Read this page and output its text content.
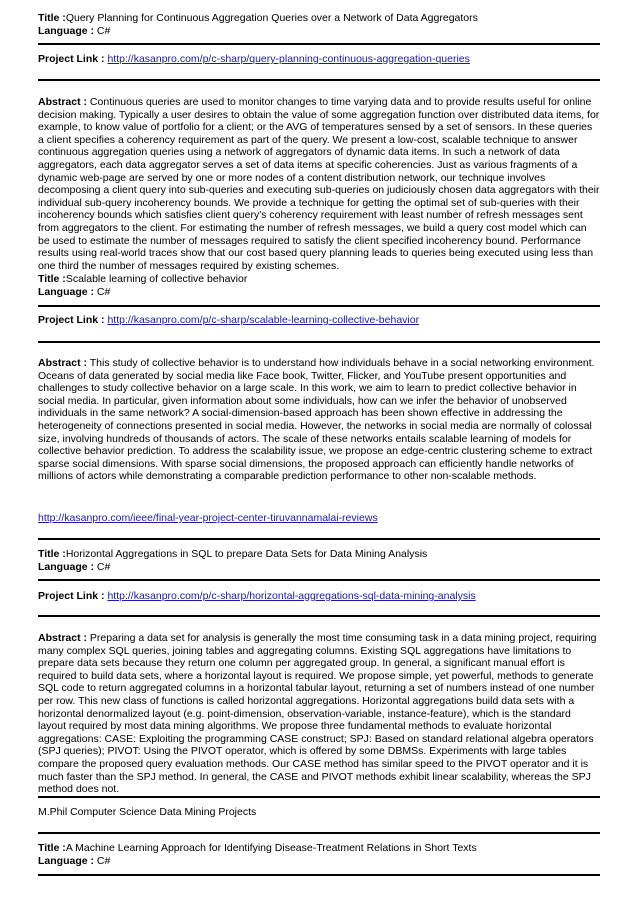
Title :Query Planning for Continuous Aggregation Queries over a Network of Data Aggregators
Language : C#
Project Link : http://kasanpro.com/p/c-sharp/query-planning-continuous-aggregation-queries
Abstract : Continuous queries are used to monitor changes to time varying data and to provide results useful for online decision making. Typically a user desires to obtain the value of some aggregation function over distributed data items, for example, to know value of portfolio for a client; or the AVG of temperatures sensed by a set of sensors. In these queries a client specifies a coherency requirement as part of the query. We present a low-cost, scalable technique to answer continuous aggregation queries using a network of aggregators of dynamic data items. In such a network of data aggregators, each data aggregator serves a set of data items at specific coherencies. Just as various fragments of a dynamic web-page are served by one or more nodes of a content distribution network, our technique involves decomposing a client query into sub-queries and executing sub-queries on judiciously chosen data aggregators with their individual sub-query incoherency bounds. We provide a technique for getting the optimal set of sub-queries with their incoherency bounds which satisfies client query's coherency requirement with least number of refresh messages sent from aggregators to the client. For estimating the number of refresh messages, we build a query cost model which can be used to estimate the number of messages required to satisfy the client specified incoherency bound. Performance results using real-world traces show that our cost based query planning leads to queries being executed using less than one third the number of messages required by existing schemes.
Title :Scalable learning of collective behavior
Language : C#
Project Link : http://kasanpro.com/p/c-sharp/scalable-learning-collective-behavior
Abstract : This study of collective behavior is to understand how individuals behave in a social networking environment. Oceans of data generated by social media like Face book, Twitter, Flicker, and YouTube present opportunities and challenges to study collective behavior on a large scale. In this work, we aim to learn to predict collective behavior in social media. In particular, given information about some individuals, how can we infer the behavior of unobserved individuals in the same network? A social-dimension-based approach has been shown effective in addressing the heterogeneity of connections presented in social media. However, the networks in social media are normally of colossal size, involving hundreds of thousands of actors. The scale of these networks entails scalable learning of models for collective behavior prediction. To address the scalability issue, we propose an edge-centric clustering scheme to extract sparse social dimensions. With sparse social dimensions, the proposed approach can efficiently handle networks of millions of actors while demonstrating a comparable prediction performance to other non-scalable methods.
http://kasanpro.com/ieee/final-year-project-center-tiruvannamalai-reviews
Title :Horizontal Aggregations in SQL to prepare Data Sets for Data Mining Analysis
Language : C#
Project Link : http://kasanpro.com/p/c-sharp/horizontal-aggregations-sql-data-mining-analysis
Abstract : Preparing a data set for analysis is generally the most time consuming task in a data mining project, requiring many complex SQL queries, joining tables and aggregating columns. Existing SQL aggregations have limitations to prepare data sets because they return one column per aggregated group. In general, a significant manual effort is required to build data sets, where a horizontal layout is required. We propose simple, yet powerful, methods to generate SQL code to return aggregated columns in a horizontal tabular layout, returning a set of numbers instead of one number per row. This new class of functions is called horizontal aggregations. Horizontal aggregations build data sets with a horizontal denormalized layout (e.g. point-dimension, observation-variable, instance-feature), which is the standard layout required by most data mining algorithms. We propose three fundamental methods to evaluate horizontal aggregations: CASE: Exploiting the programming CASE construct; SPJ: Based on standard relational algebra operators (SPJ queries); PIVOT: Using the PIVOT operator, which is offered by some DBMSs. Experiments with large tables compare the proposed query evaluation methods. Our CASE method has similar speed to the PIVOT operator and it is much faster than the SPJ method. In general, the CASE and PIVOT methods exhibit linear scalability, whereas the SPJ method does not.
M.Phil Computer Science Data Mining Projects
Title :A Machine Learning Approach for Identifying Disease-Treatment Relations in Short Texts
Language : C#
